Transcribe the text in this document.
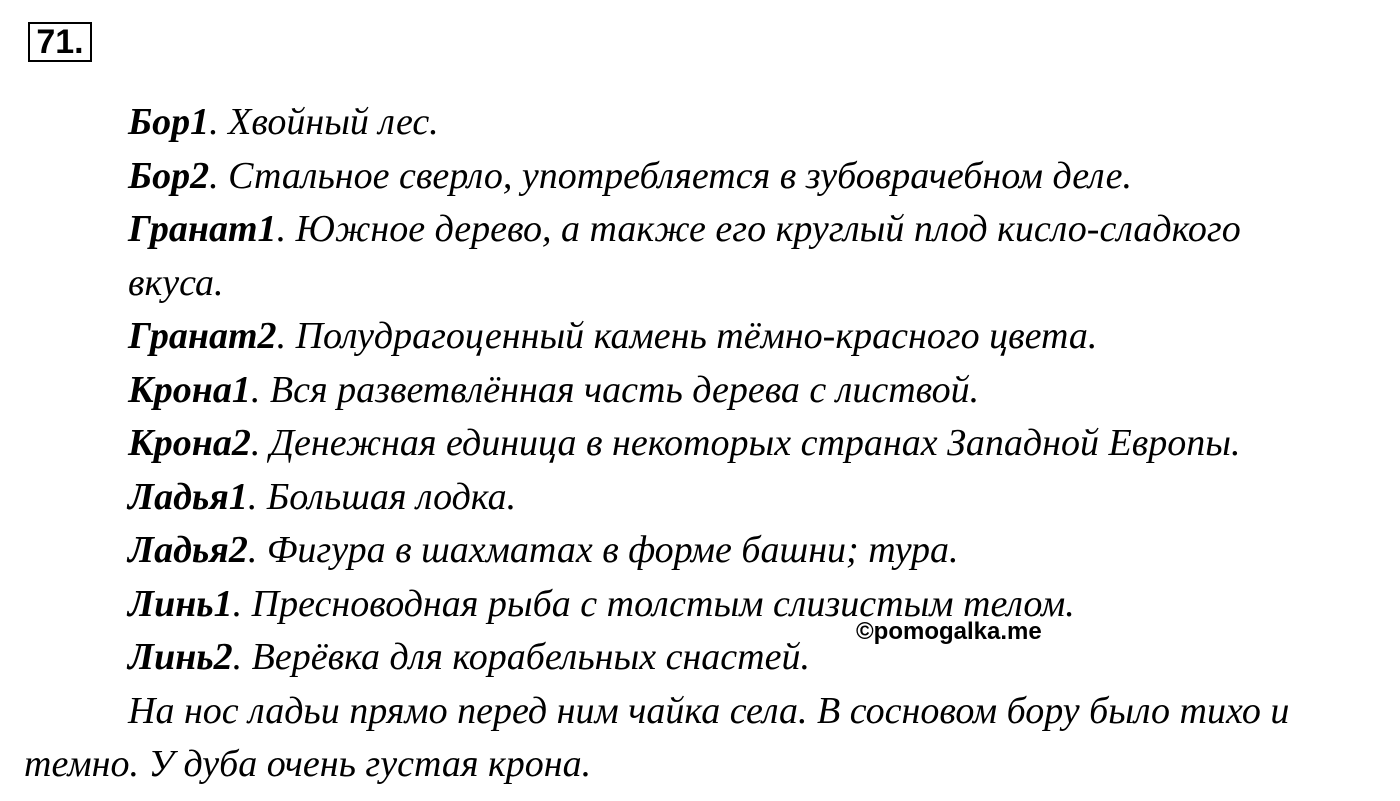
71.
Бор1. Хвойный лес.
Бор2. Стальное сверло, употребляется в зубоврачебном деле.
Гранат1. Южное дерево, а также его круглый плод кисло-сладкого
вкуса.
Гранат2. Полудрагоценный камень тёмно-красного цвета.
Крона1. Вся разветвлённая часть дерева с листвой.
Крона2. Денежная единица в некоторых странах Западной Европы.
Ладья1. Большая лодка.
Ладья2. Фигура в шахматах в форме башни; тура.
Линь1. Пресноводная рыба с толстым слизистым телом.
Линь2. Верёвка для корабельных снастей.
На нос ладьи прямо перед ним чайка села. В сосновом бору было тихо и
темно. У дуба очень густая крона.
©pomogalka.me
